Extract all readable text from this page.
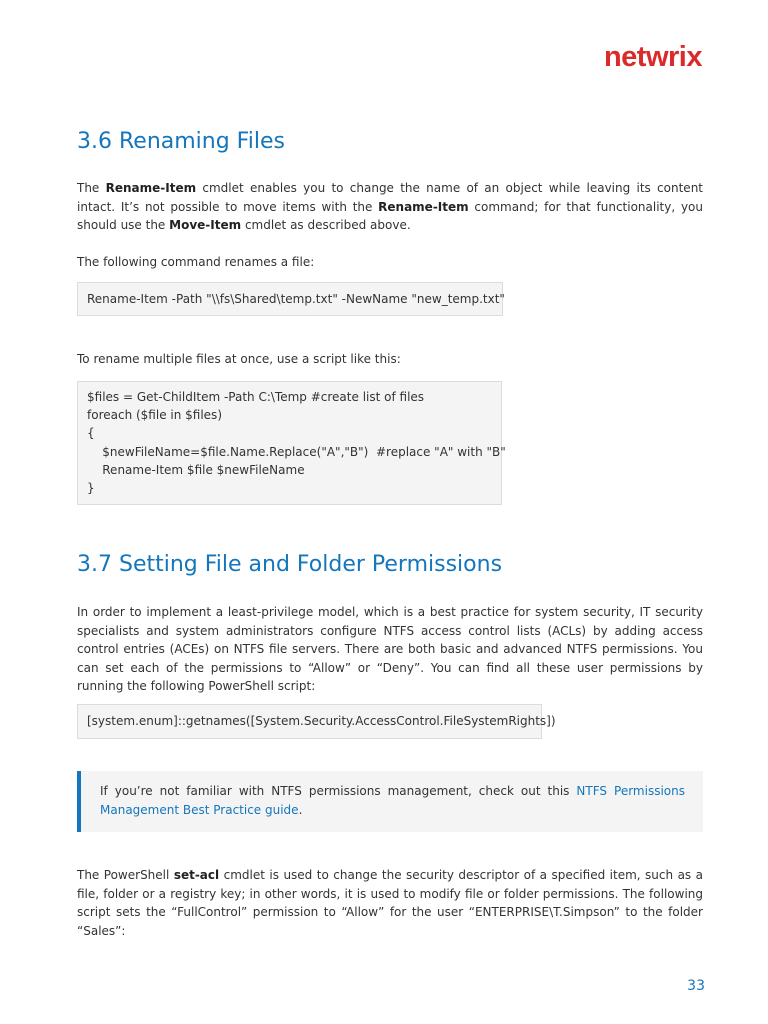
netwrix
3.6 Renaming Files

The Rename-Item cmdlet enables you to change the name of an object while leaving its content intact. It’s not possible to move items with the Rename-Item command; for that functionality, you should use the Move-Item cmdlet as described above.

The following command renames a file:

Rename-Item -Path "\\fs\Shared\temp.txt" -NewName "new_temp.txt"

To rename multiple files at once, use a script like this:

$files = Get-ChildItem -Path C:\Temp #create list of files
foreach ($file in $files)
{
$newFileName=$file.Name.Replace("A","B")  #replace "A" with "B"
Rename-Item $file $newFileName
}
3.7 Setting File and Folder Permissions

In order to implement a least-privilege model, which is a best practice for system security, IT security specialists and system administrators configure NTFS access control lists (ACLs) by adding access control entries (ACEs) on NTFS file servers. There are both basic and advanced NTFS permissions. You can set each of the permissions to “Allow” or “Deny”. You can find all these user permissions by running the following PowerShell script:

[system.enum]::getnames([System.Security.AccessControl.FileSystemRights])

If you’re not familiar with NTFS permissions management, check out this NTFS Permissions Management Best Practice guide.

The PowerShell set-acl cmdlet is used to change the security descriptor of a specified item, such as a file, folder or a registry key; in other words, it is used to modify file or folder permissions. The following script sets the “FullControl” permission to “Allow” for the user “ENTERPRISE\T.Simpson” to the folder “Sales”:

33
